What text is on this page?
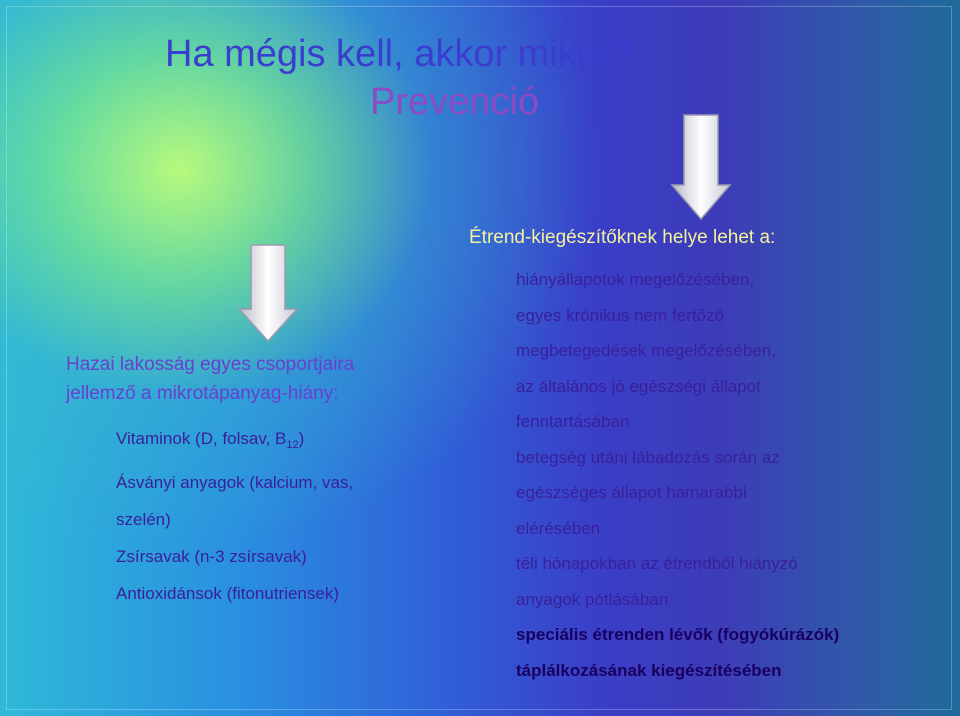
Ha mégis kell, akkor mikor?
Prevenció
Hazai lakosság egyes csoportjaira
jellemző a mikrotápanyag-hiány:
Vitaminok (D, folsav, $B_{12}$)
Ásványi anyagok (kalcium, vas,
szelén)
Zsírsavak (n-3 zsírsavak)
Antioxidánsok (fitonutriensek)
Étrend-kiegészítőknek helye lehet a:
hiányállapotok megelőzésében,
egyes krónikus nem fertőző
megbetegedések megelőzésében,
az általános jó egészségi állapot
fenntartásában
betegség utáni lábadozás során az
egészséges állapot hamarabbi
elérésében
téli hónapokban az étrendből hiányzó
anyagok pótlásában
speciális étrenden lévők (fogyókúrázók)
táplálkozásának kiegészítésében
